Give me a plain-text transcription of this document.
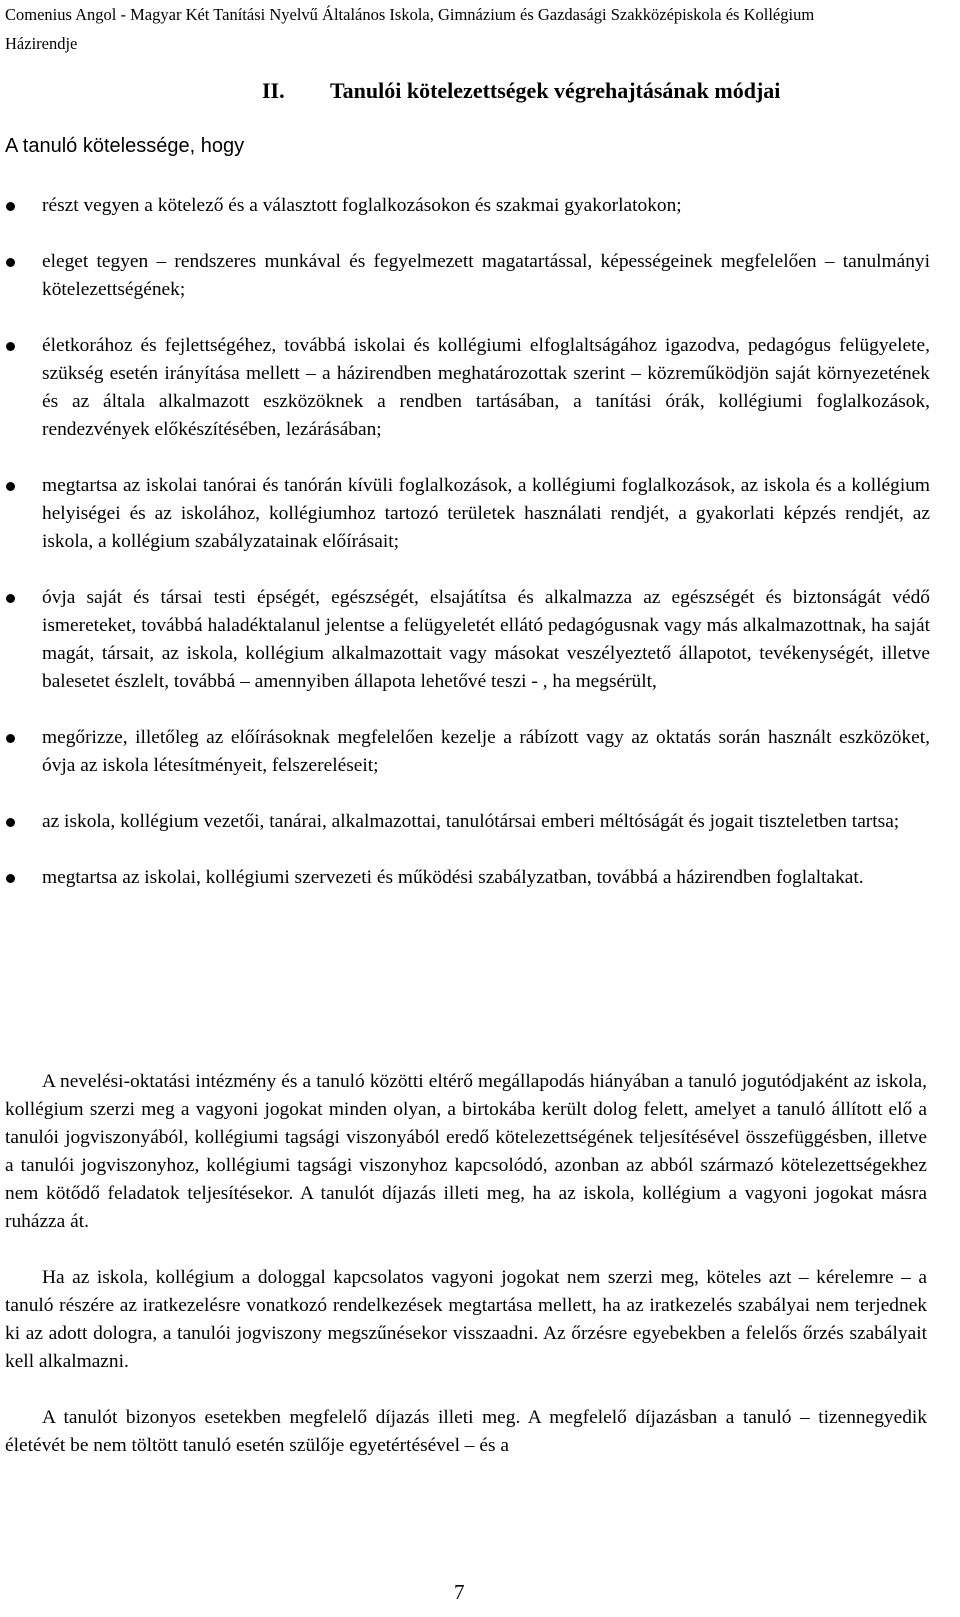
Comenius Angol - Magyar Két Tanítási Nyelvű Általános Iskola, Gimnázium és Gazdasági Szakközépiskola és Kollégium
Házirendje
II. Tanulói kötelezettségek végrehajtásának módjai
A tanuló kötelessége, hogy
részt vegyen a kötelező és a választott foglalkozásokon és szakmai gyakorlatokon;
eleget tegyen – rendszeres munkával és fegyelmezett magatartással, képességeinek megfelelően – tanulmányi kötelezettségének;
életkorához és fejlettségéhez, továbbá iskolai és kollégiumi elfoglaltságához igazodva, pedagógus felügyelete, szükség esetén irányítása mellett – a házirendben meghatározottak szerint – közreműködjön saját környezetének és az általa alkalmazott eszközöknek a rendben tartásában, a tanítási órák, kollégiumi foglalkozások, rendezvények előkészítésében, lezárásában;
megtartsa az iskolai tanórai és tanórán kívüli foglalkozások, a kollégiumi foglalkozások, az iskola és a kollégium helyiségei és az iskolához, kollégiumhoz tartozó területek használati rendjét, a gyakorlati képzés rendjét, az iskola, a kollégium szabályzatainak előírásait;
óvja saját és társai testi épségét, egészségét, elsajátítsa és alkalmazza az egészségét és biztonságát védő ismereteket, továbbá haladéktalanul jelentse a felügyeletét ellátó pedagógusnak vagy más alkalmazottnak, ha saját magát, társait, az iskola, kollégium alkalmazottait vagy másokat veszélyeztető állapotot, tevékenységét, illetve balesetet észlelt, továbbá – amennyiben állapota lehetővé teszi - , ha megsérült,
megőrizze, illetőleg az előírásoknak megfelelően kezelje a rábízott vagy az oktatás során használt eszközöket, óvja az iskola létesítményeit, felszereléseit;
az iskola, kollégium vezetői, tanárai, alkalmazottai, tanulótársai emberi méltóságát és jogait tiszteletben tartsa;
megtartsa az iskolai, kollégiumi szervezeti és működési szabályzatban, továbbá a házirendben foglaltakat.

A nevelési-oktatási intézmény és a tanuló közötti eltérő megállapodás hiányában a tanuló jogutódjaként az iskola, kollégium szerzi meg a vagyoni jogokat minden olyan, a birtokába került dolog felett, amelyet a tanuló állított elő a tanulói jogviszonyából, kollégiumi tagsági viszonyából eredő kötelezettségének teljesítésével összefüggésben, illetve a tanulói jogviszonyhoz, kollégiumi tagsági viszonyhoz kapcsolódó, azonban az abból származó kötelezettségekhez nem kötődő feladatok teljesítésekor. A tanulót díjazás illeti meg, ha az iskola, kollégium a vagyoni jogokat másra ruházza át.

Ha az iskola, kollégium a dologgal kapcsolatos vagyoni jogokat nem szerzi meg, köteles azt – kérelemre – a tanuló részére az iratkezelésre vonatkozó rendelkezések megtartása mellett, ha az iratkezelés szabályai nem terjednek ki az adott dologra, a tanulói jogviszony megszűnésekor visszaadni. Az őrzésre egyebekben a felelős őrzés szabályait kell alkalmazni.

A tanulót bizonyos esetekben megfelelő díjazás illeti meg. A megfelelő díjazásban a tanuló – tizennegyedik életévét be nem töltött tanuló esetén szülője egyetértésével – és a

7
